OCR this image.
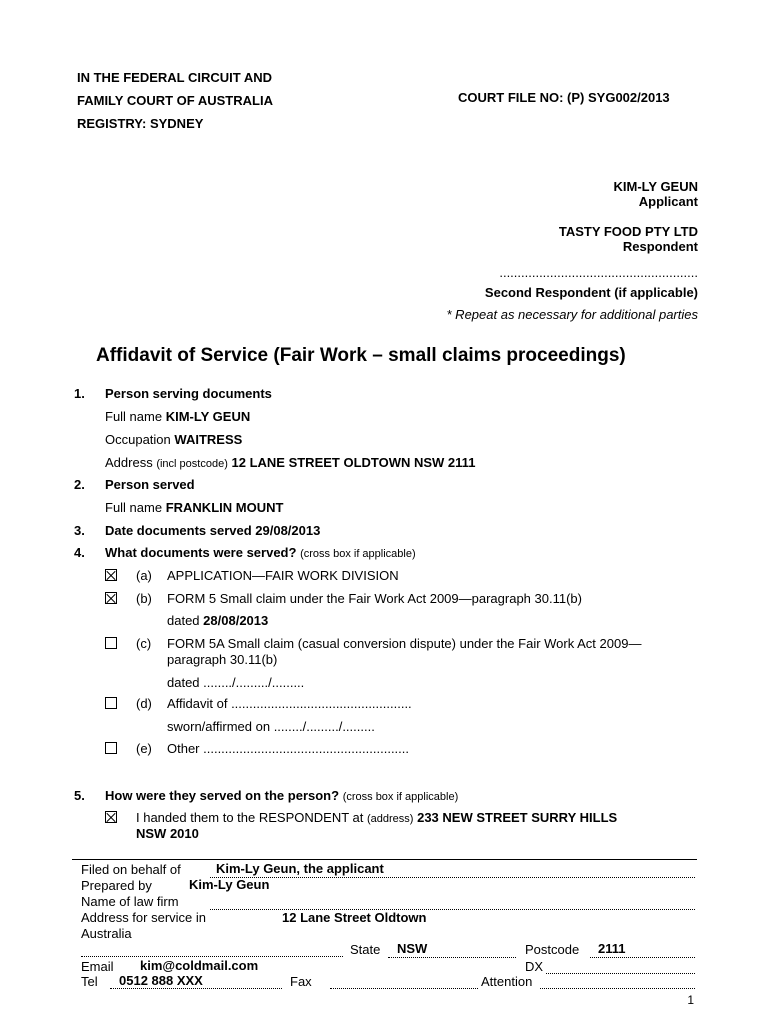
IN THE FEDERAL CIRCUIT AND
FAMILY COURT OF AUSTRALIA
REGISTRY: SYDNEY
COURT FILE NO: (P) SYG002/2013
KIM-LY GEUN
Applicant
TASTY FOOD PTY LTD
Respondent
.......................................................
Second Respondent (if applicable)
* Repeat as necessary for additional parties
Affidavit of Service (Fair Work – small claims proceedings)
1. Person serving documents
Full name KIM-LY GEUN
Occupation WAITRESS
Address (incl postcode) 12 LANE STREET OLDTOWN NSW 2111
2. Person served
Full name FRANKLIN MOUNT
3. Date documents served 29/08/2013
4. What documents were served? (cross box if applicable)
(a) APPLICATION—FAIR WORK DIVISION
(b) FORM 5 Small claim under the Fair Work Act 2009—paragraph 30.11(b)
dated 28/08/2013
(c) FORM 5A Small claim (casual conversion dispute) under the Fair Work Act 2009—
paragraph 30.11(b)
dated ......../........./.........
(d) Affidavit of ..................................................
sworn/affirmed on ......../........./.........
(e) Other .........................................................
5. How were they served on the person? (cross box if applicable)
I handed them to the RESPONDENT at (address) 233 NEW STREET SURRY HILLS
NSW 2010
Filed on behalf of	Kim-Ly Geun, the applicant
Prepared by	Kim-Ly Geun
Name of law firm
Address for service in	12 Lane Street Oldtown
Australia
State NSW	Postcode 2111
Email kim@coldmail.com	DX
Tel 0512 888 XXX	Fax	Attention
1
